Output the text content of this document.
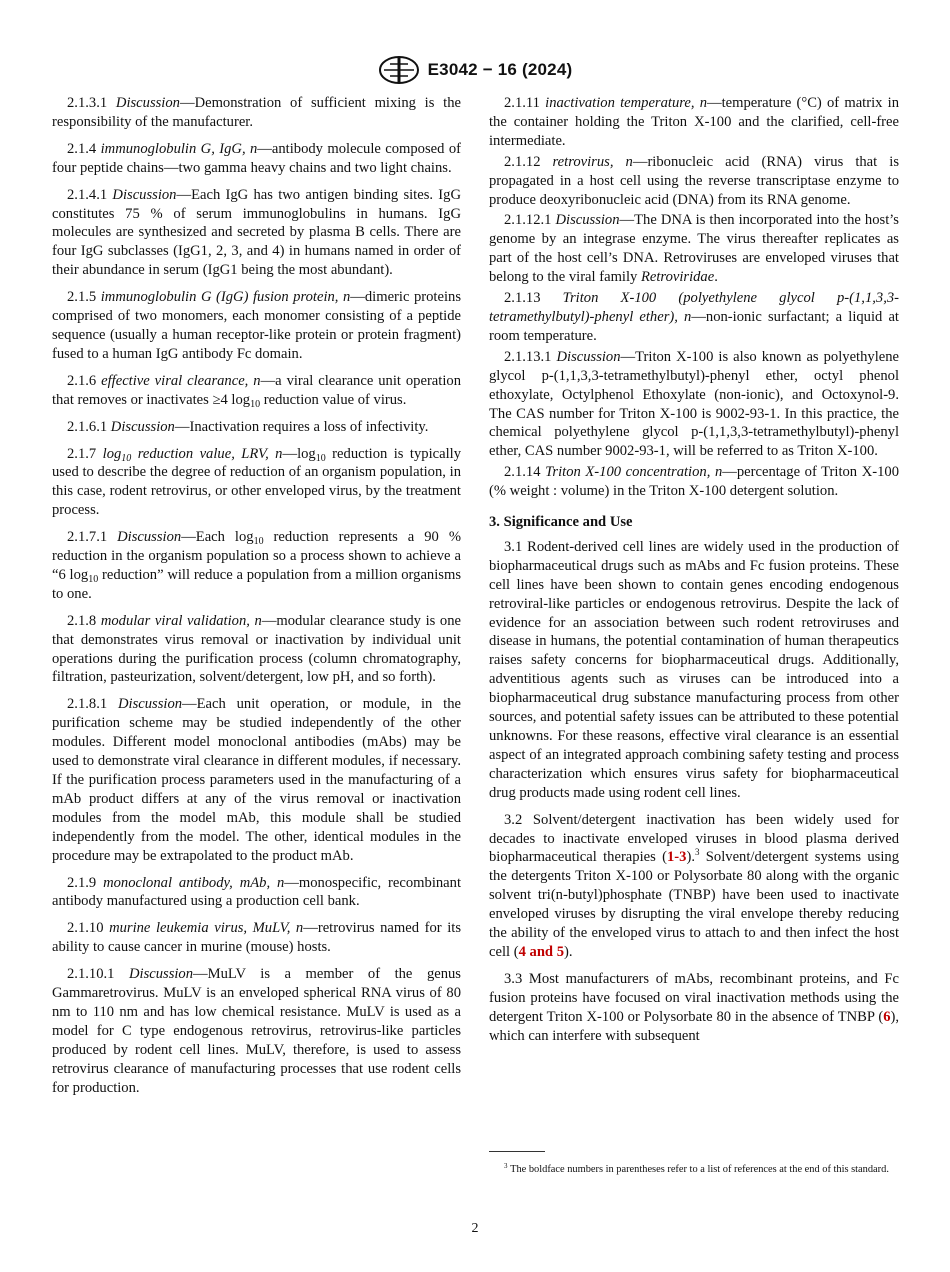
E3042 − 16 (2024)

2.1.3.1 Discussion—Demonstration of sufficient mixing is the responsibility of the manufacturer.

2.1.4 immunoglobulin G, IgG, n—antibody molecule composed of four peptide chains—two gamma heavy chains and two light chains.

2.1.4.1 Discussion—Each IgG has two antigen binding sites. IgG constitutes 75 % of serum immunoglobulins in humans. IgG molecules are synthesized and secreted by plasma B cells. There are four IgG subclasses (IgG1, 2, 3, and 4) in humans named in order of their abundance in serum (IgG1 being the most abundant).

2.1.5 immunoglobulin G (IgG) fusion protein, n—dimeric proteins comprised of two monomers, each monomer consisting of a peptide sequence (usually a human receptor-like protein or protein fragment) fused to a human IgG antibody Fc domain.

2.1.6 effective viral clearance, n—a viral clearance unit operation that removes or inactivates ≥4 $\log_{10}$ reduction value of virus.

2.1.6.1 Discussion—Inactivation requires a loss of infectivity.

2.1.7 $\log_{10}$ reduction value, LRV, $n—\log_{10}$ reduction is typically used to describe the degree of reduction of an organism population, in this case, rodent retrovirus, or other enveloped virus, by the treatment process.

2.1.7.1 Discussion—Each $\log_{10}$ reduction represents a 90 % reduction in the organism population so a process shown to achieve a “6 $\log_{10}$ reduction” will reduce a population from a million organisms to one.

2.1.8 modular viral validation, n—modular clearance study is one that demonstrates virus removal or inactivation by individual unit operations during the purification process (column chromatography, filtration, pasteurization, solvent/detergent, low pH, and so forth).

2.1.8.1 Discussion—Each unit operation, or module, in the purification scheme may be studied independently of the other modules. Different model monoclonal antibodies (mAbs) may be used to demonstrate viral clearance in different modules, if necessary. If the purification process parameters used in the manufacturing of a mAb product differs at any of the virus removal or inactivation modules from the model mAb, this module shall be studied independently from the model. The other, identical modules in the procedure may be extrapolated to the product mAb.

2.1.9 monoclonal antibody, mAb, n—monospecific, recombinant antibody manufactured using a production cell bank.

2.1.10 murine leukemia virus, MuLV, n—retrovirus named for its ability to cause cancer in murine (mouse) hosts.

2.1.10.1 Discussion—MuLV is a member of the genus Gammaretrovirus. MuLV is an enveloped spherical RNA virus of 80 nm to 110 nm and has low chemical resistance. MuLV is used as a model for C type endogenous retrovirus, retrovirus-like particles produced by rodent cell lines. MuLV, therefore, is used to assess retrovirus clearance of manufacturing processes that use rodent cells for production.

2.1.11 inactivation temperature, n—temperature (°C) of matrix in the container holding the Triton X-100 and the clarified, cell-free intermediate.

2.1.12 retrovirus, n—ribonucleic acid (RNA) virus that is propagated in a host cell using the reverse transcriptase enzyme to produce deoxyribonucleic acid (DNA) from its RNA genome.

2.1.12.1 Discussion—The DNA is then incorporated into the host’s genome by an integrase enzyme. The virus thereafter replicates as part of the host cell’s DNA. Retroviruses are enveloped viruses that belong to the viral family Retroviridae.

2.1.13 Triton X-100 (polyethylene glycol p-(1,1,3,3-tetramethylbutyl)-phenyl ether), n—non-ionic surfactant; a liquid at room temperature.

2.1.13.1 Discussion—Triton X-100 is also known as polyethylene glycol p-(1,1,3,3-tetramethylbutyl)-phenyl ether, octyl phenol ethoxylate, Octylphenol Ethoxylate (non-ionic), and Octoxynol-9. The CAS number for Triton X-100 is 9002-93-1. In this practice, the chemical polyethylene glycol p-(1,1,3,3-tetramethylbutyl)-phenyl ether, CAS number 9002-93-1, will be referred to as Triton X-100.

2.1.14 Triton X-100 concentration, n—percentage of Triton X-100 (% weight : volume) in the Triton X-100 detergent solution.

3. Significance and Use

3.1 Rodent-derived cell lines are widely used in the production of biopharmaceutical drugs such as mAbs and Fc fusion proteins. These cell lines have been shown to contain genes encoding endogenous retroviral-like particles or endogenous retrovirus. Despite the lack of evidence for an association between such rodent retroviruses and disease in humans, the potential contamination of human therapeutics raises safety concerns for biopharmaceutical drugs. Additionally, adventitious agents such as viruses can be introduced into a biopharmaceutical drug substance manufacturing process from other sources, and potential safety issues can be attributed to these potential unknowns. For these reasons, effective viral clearance is an essential aspect of an integrated approach combining safety testing and process characterization which ensures virus safety for biopharmaceutical drug products made using rodent cell lines.

3.2 Solvent/detergent inactivation has been widely used for decades to inactivate enveloped viruses in blood plasma derived biopharmaceutical therapies (1-3).$^3$ Solvent/detergent systems using the detergents Triton X-100 or Polysorbate 80 along with the organic solvent tri(n-butyl)phosphate (TNBP) have been used to inactivate enveloped viruses by disrupting the viral envelope thereby reducing the ability of the enveloped virus to attach to and then infect the host cell (4 and 5).

3.3 Most manufacturers of mAbs, recombinant proteins, and Fc fusion proteins have focused on viral inactivation methods using the detergent Triton X-100 or Polysorbate 80 in the absence of TNBP (6), which can interfere with subsequent

$^3$ The boldface numbers in parentheses refer to a list of references at the end of this standard.
2
